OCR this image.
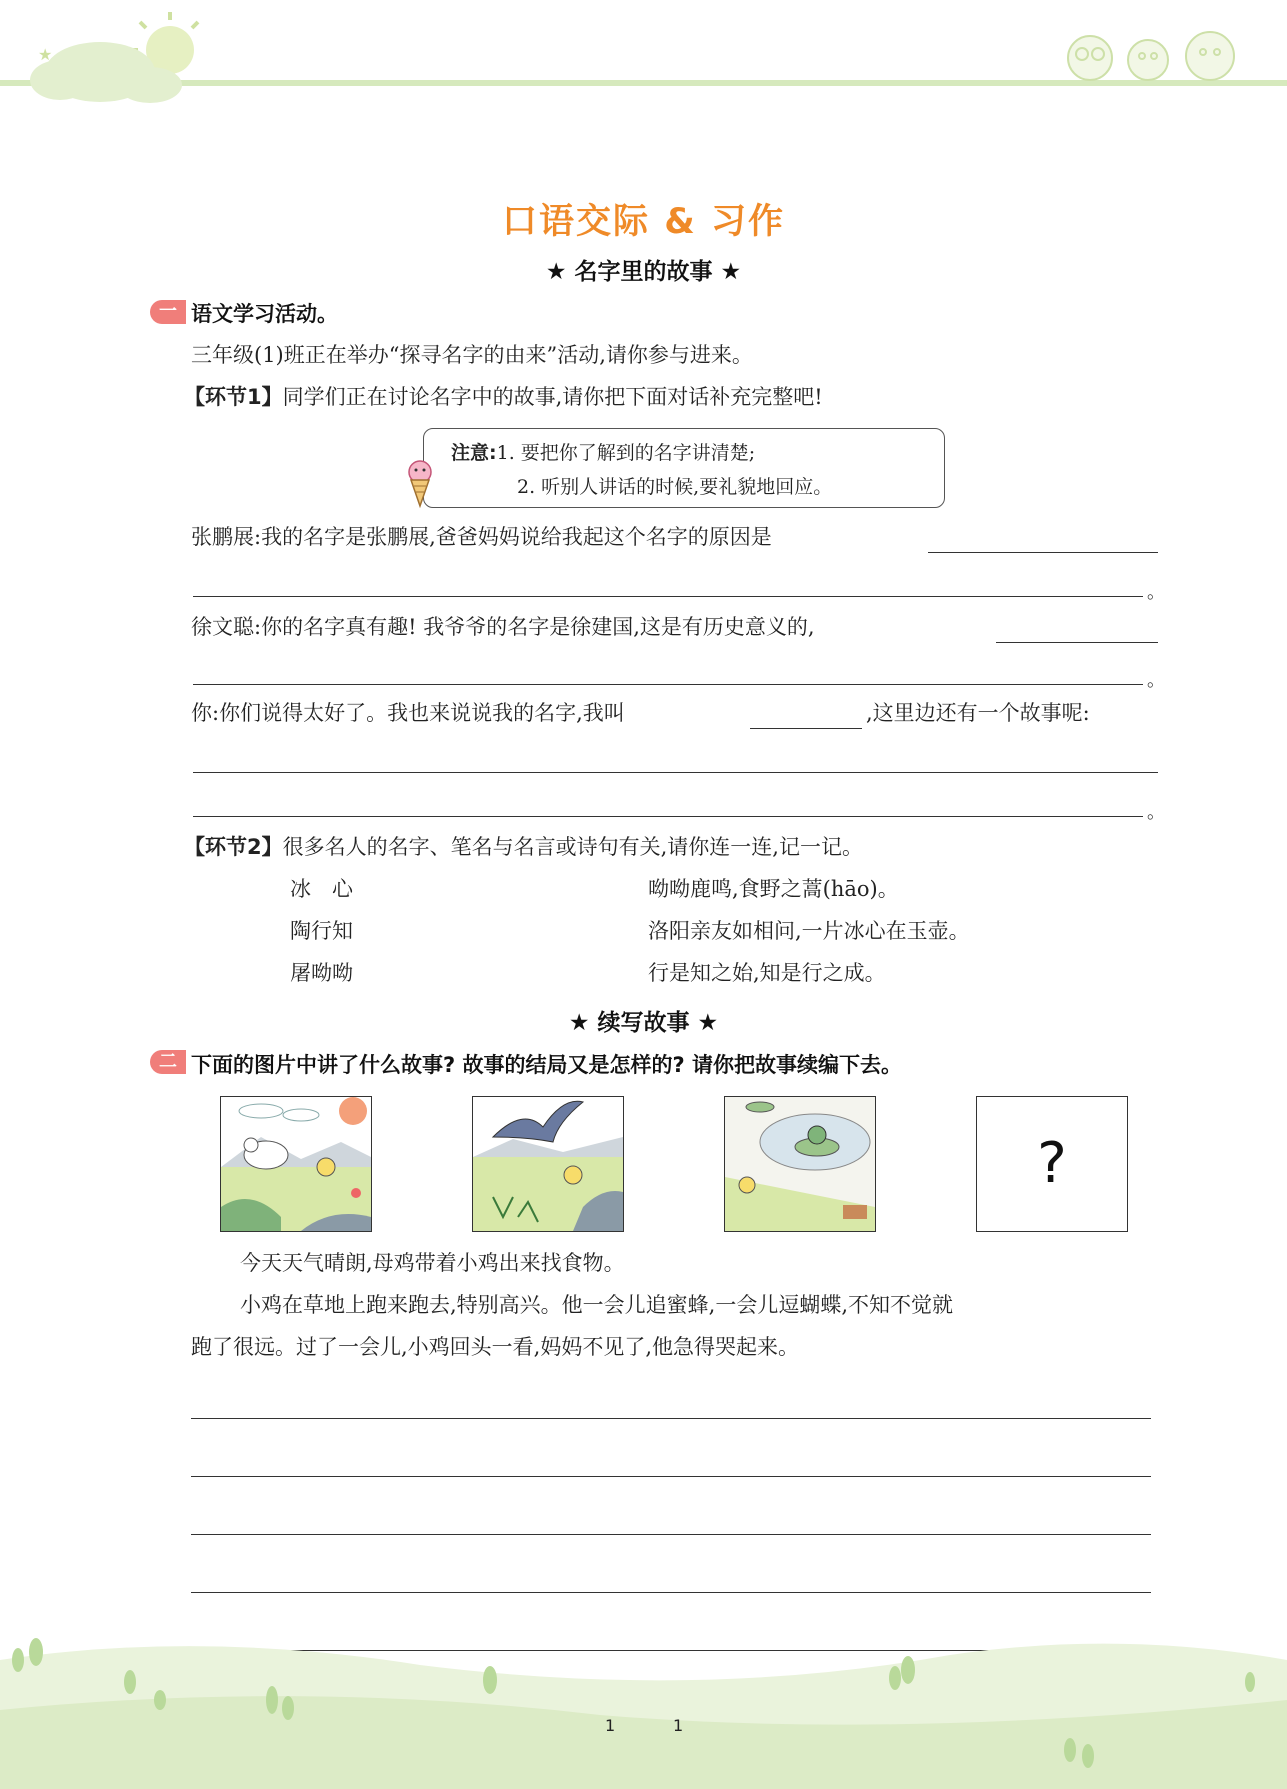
★
口语交际 & 习作
★ 名字里的故事 ★
一 语文学习活动。
三年级(1)班正在举办“探寻名字的由来”活动,请你参与进来。
【环节1】同学们正在讨论名字中的故事,请你把下面对话补充完整吧!
注意:1. 要把你了解到的名字讲清楚;
2. 听别人讲话的时候,要礼貌地回应。
张鹏展:我的名字是张鹏展,爸爸妈妈说给我起这个名字的原因是
。
徐文聪:你的名字真有趣! 我爷爷的名字是徐建国,这是有历史意义的,
。
你:你们说得太好了。我也来说说我的名字,我叫	,这里边还有一个故事呢:
。
【环节2】很多名人的名字、笔名与名言或诗句有关,请你连一连,记一记。
冰　心
陶行知
屠呦呦
呦呦鹿鸣,食野之蒿(hāo)。
洛阳亲友如相问,一片冰心在玉壶。
行是知之始,知是行之成。
★ 续写故事 ★
二 下面的图片中讲了什么故事? 故事的结局又是怎样的? 请你把故事续编下去。
?
今天天气晴朗,母鸡带着小鸡出来找食物。
小鸡在草地上跑来跑去,特别高兴。他一会儿追蜜蜂,一会儿逗蝴蝶,不知不觉就
跑了很远。过了一会儿,小鸡回头一看,妈妈不见了,他急得哭起来。
1	1
